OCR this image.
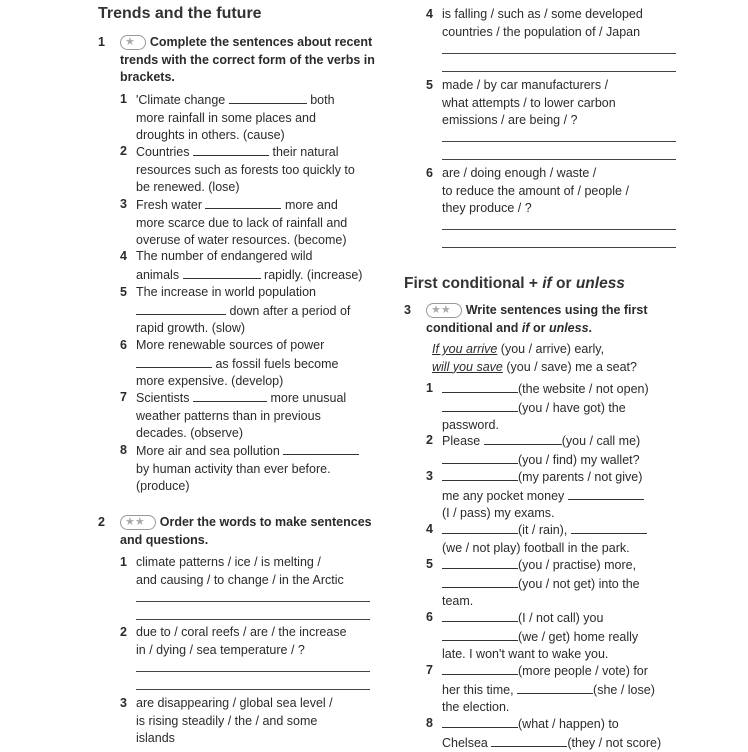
Trends and the future
1	★ Complete the sentences about recent trends with the correct form of the verbs in brackets.
1 'Climate change	both
more rainfall in some places and
droughts in others. (cause)
2 Countries	their natural
resources such as forests too quickly to
be renewed. (lose)
3 Fresh water	more and
more scarce due to lack of rainfall and
overuse of water resources. (become)
4 The number of endangered wild
animals	rapidly. (increase)
5 The increase in world population
down after a period of
rapid growth. (slow)
6 More renewable sources of power
as fossil fuels become
more expensive. (develop)
7 Scientists	more unusual
weather patterns than in previous
decades. (observe)
8 More air and sea pollution
by human activity than ever before.
(produce)
2	★★ Order the words to make sentences
and questions.
1 climate patterns / ice / is melting /
and causing / to change / in the Arctic
2 due to / coral reefs / are / the increase
in / dying / sea temperature / ?
3 are disappearing / global sea level /
is rising steadily / the / and some
islands
4 is falling / such as / some developed
countries / the population of / Japan
5 made / by car manufacturers /
what attempts / to lower carbon
emissions / are being / ?
6 are / doing enough / waste /
to reduce the amount of / people /
they produce / ?
First conditional + if or unless
3	★★ Write sentences using the first
conditional and if or unless.
If you arrive (you / arrive) early,
will you save (you / save) me a seat?
1	(the website / not open)
(you / have got) the
password.
2 Please	(you / call me)
(you / find) my wallet?
3	(my parents / not give)
me any pocket money
(I / pass) my exams.
4	(it / rain),
(we / not play) football in the park.
5	(you / practise) more,
(you / not get) into the
team.
6	(I / not call) you
(we / get) home really
late. I won't want to wake you.
7	(more people / vote) for
her this time,	(she / lose)
the election.
8	(what / happen) to
Chelsea	(they / not score)
